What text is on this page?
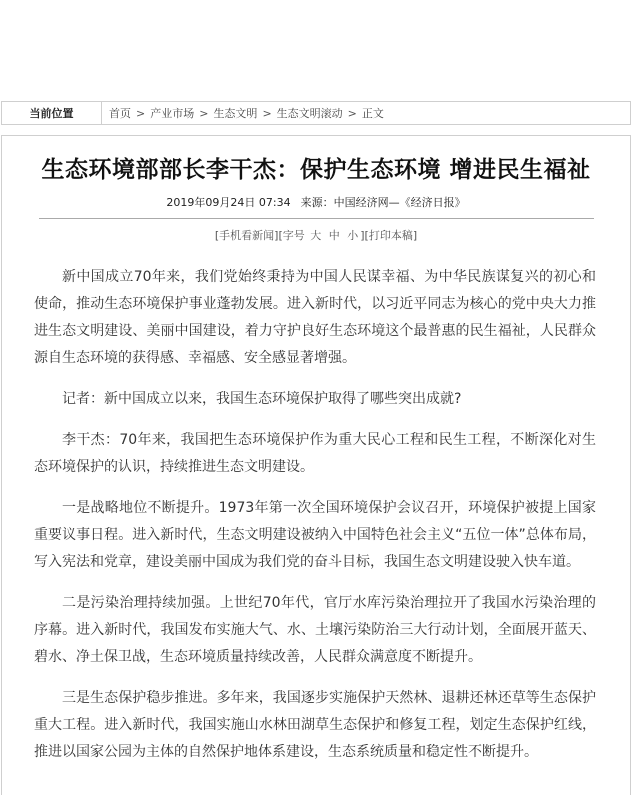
当前位置	首页 > 产业市场 > 生态文明 > 生态文明滚动 > 正文
生态环境部部长李干杰：保护生态环境 增进民生福祉
2019年09月24日 07:34 来源：中国经济网—《经济日报》
[手机看新闻][字号 大 中 小 ][打印本稿]

新中国成立70年来，我们党始终秉持为中国人民谋幸福、为中华民族谋复兴的初心和使命，推动生态环境保护事业蓬勃发展。进入新时代，以习近平同志为核心的党中央大力推进生态文明建设、美丽中国建设，着力守护良好生态环境这个最普惠的民生福祉，人民群众源自生态环境的获得感、幸福感、安全感显著增强。

记者：新中国成立以来，我国生态环境保护取得了哪些突出成就?

李干杰：70年来，我国把生态环境保护作为重大民心工程和民生工程，不断深化对生态环境保护的认识，持续推进生态文明建设。

一是战略地位不断提升。1973年第一次全国环境保护会议召开，环境保护被提上国家重要议事日程。进入新时代，生态文明建设被纳入中国特色社会主义“五位一体”总体布局，写入宪法和党章，建设美丽中国成为我们党的奋斗目标，我国生态文明建设驶入快车道。

二是污染治理持续加强。上世纪70年代，官厅水库污染治理拉开了我国水污染治理的序幕。进入新时代，我国发布实施大气、水、土壤污染防治三大行动计划，全面展开蓝天、碧水、净土保卫战，生态环境质量持续改善，人民群众满意度不断提升。

三是生态保护稳步推进。多年来，我国逐步实施保护天然林、退耕还林还草等生态保护重大工程。进入新时代，我国实施山水林田湖草生态保护和修复工程，划定生态保护红线，推进以国家公园为主体的自然保护地体系建设，生态系统质量和稳定性不断提升。
